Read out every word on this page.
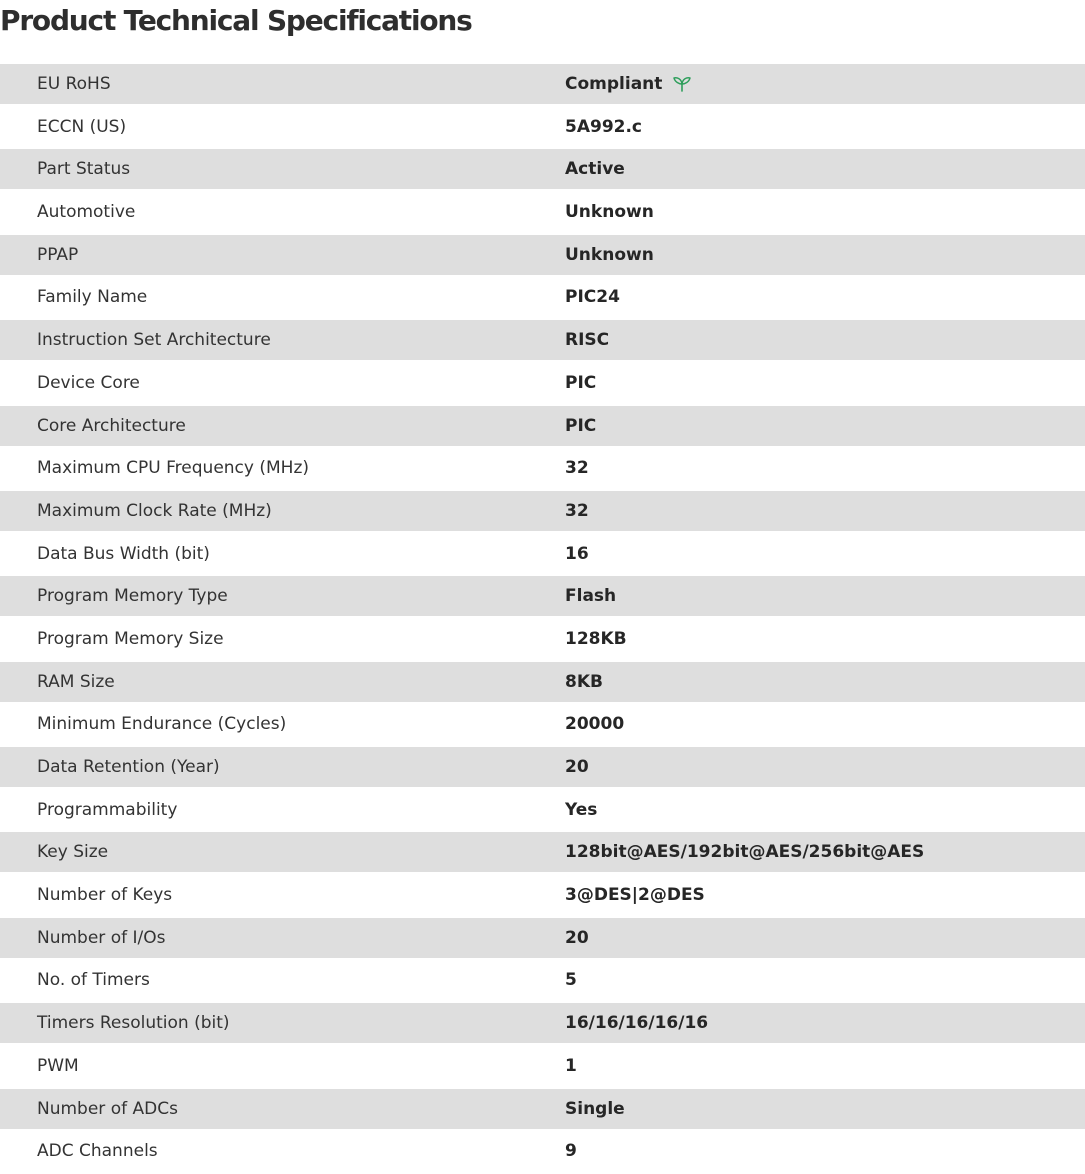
Product Technical Specifications
EU RoHS	Compliant
ECCN (US)	5A992.c
Part Status	Active
Automotive	Unknown
PPAP	Unknown
Family Name	PIC24
Instruction Set Architecture	RISC
Device Core	PIC
Core Architecture	PIC
Maximum CPU Frequency (MHz)	32
Maximum Clock Rate (MHz)	32
Data Bus Width (bit)	16
Program Memory Type	Flash
Program Memory Size	128KB
RAM Size	8KB
Minimum Endurance (Cycles)	20000
Data Retention (Year)	20
Programmability	Yes
Key Size	128bit@AES/192bit@AES/256bit@AES
Number of Keys	3@DES|2@DES
Number of I/Os	20
No. of Timers	5
Timers Resolution (bit)	16/16/16/16/16
PWM	1
Number of ADCs	Single
ADC Channels	9
